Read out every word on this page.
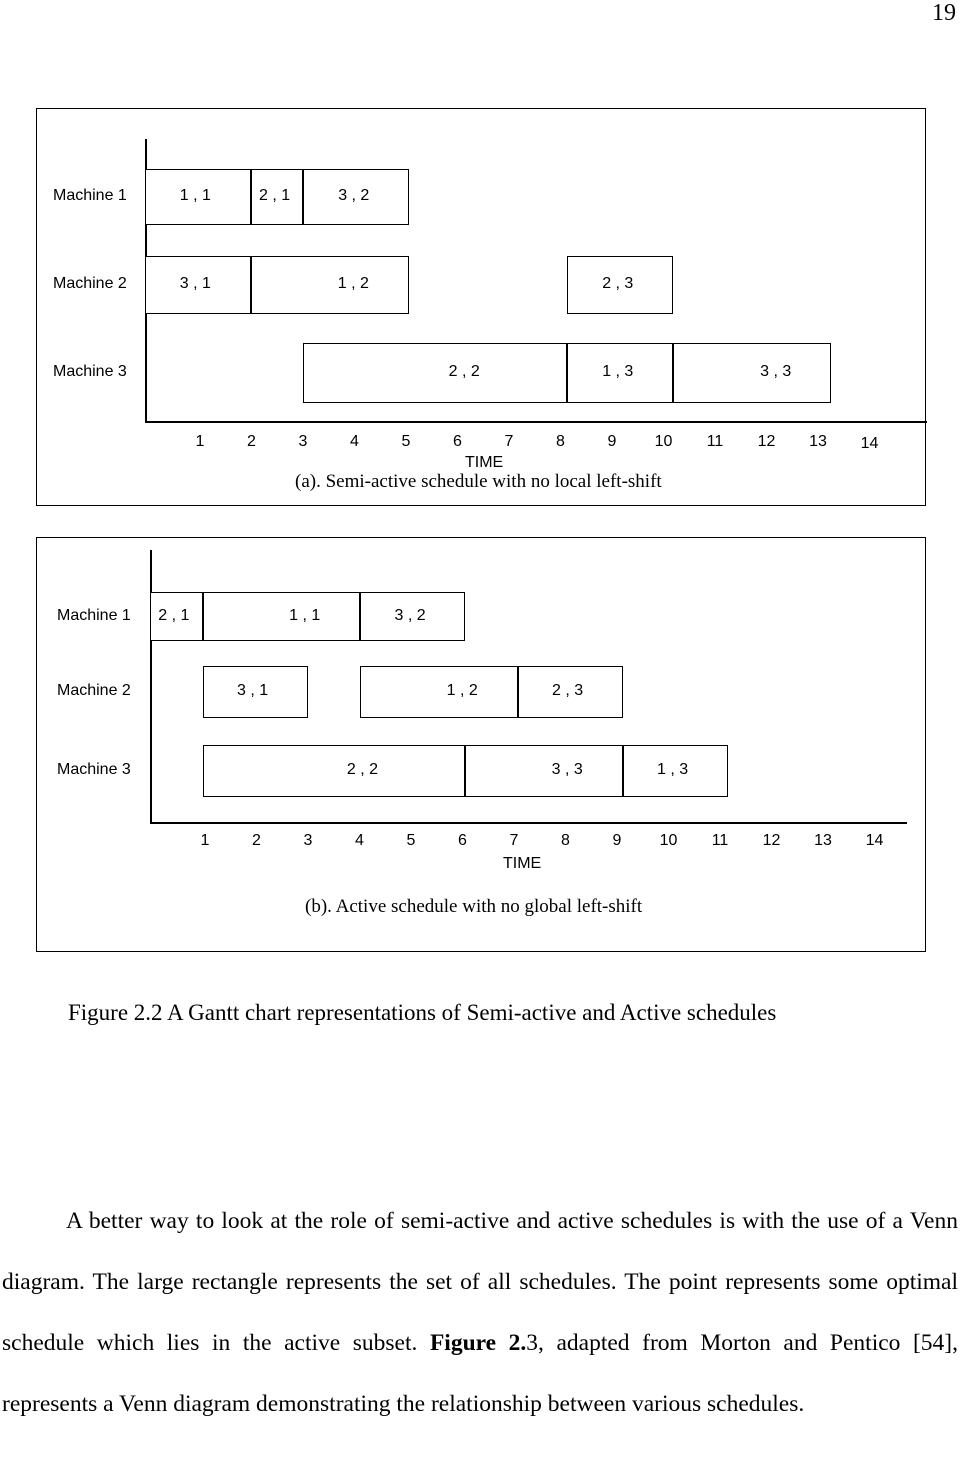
19
Machine 1	1 , 1	2 , 1	3 , 2
Machine 2	3 , 1	1 , 2	2 , 3
Machine 3	2 , 2	1 , 3	3 , 3
1	2	3	4	5	6	7	8	9	10	11	12	13	14
TIME
(a). Semi-active schedule with no local left-shift
Machine 1 2 , 1	1 , 1	3 , 2
Machine 2	3 , 1	1 , 2	2 , 3
Machine 3	2 , 2	3 , 3	1 , 3
1	2	3	4	5	6	7	8	9	10	11	12	13	14
TIME
(b). Active schedule with no global left-shift
Figure 2.2 A Gantt chart representations of Semi-active and Active schedules

A better way to look at the role of semi-active and active schedules is with the use of a Venn diagram. The large rectangle represents the set of all schedules. The point represents some optimal schedule which lies in the active subset. Figure 2.3, adapted from Morton and Pentico [54], represents a Venn diagram demonstrating the relationship between various schedules.
